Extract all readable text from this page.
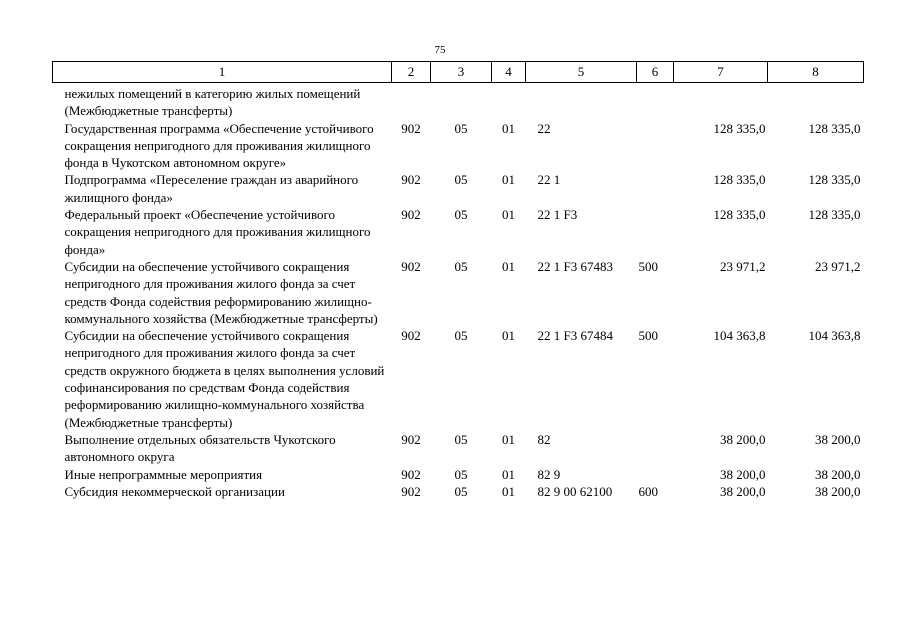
75
1	2	3	4	5	6	7	8
нежилых помещений в категорию жилых помещений (Межбюджетные трансферты)							
Государственная программа «Обеспечение устойчивого сокращения непригодного для проживания жилищного фонда в Чукотском автономном округе»	902	05	01	22		128 335,0	128 335,0
Подпрограмма «Переселение граждан из аварийного жилищного фонда»	902	05	01	22 1		128 335,0	128 335,0
Федеральный проект «Обеспечение устойчивого сокращения непригодного для проживания жилищного фонда»	902	05	01	22 1 F3		128 335,0	128 335,0
Субсидии на обеспечение устойчивого сокращения непригодного для проживания жилого фонда за счет средств Фонда содействия реформированию жилищно-коммунального хозяйства (Межбюджетные трансферты)	902	05	01	22 1 F3 67483	500	23 971,2	23 971,2
Субсидии на обеспечение устойчивого сокращения непригодного для проживания жилого фонда за счет средств окружного бюджета в целях выполнения условий софинансирования по средствам Фонда содействия реформированию жилищно-коммунального хозяйства (Межбюджетные трансферты)	902	05	01	22 1 F3 67484	500	104 363,8	104 363,8
Выполнение отдельных обязательств Чукотского автономного округа	902	05	01	82		38 200,0	38 200,0
Иные непрограммные мероприятия	902	05	01	82 9		38 200,0	38 200,0
Субсидия некоммерческой организации	902	05	01	82 9 00 62100	600	38 200,0	38 200,0
